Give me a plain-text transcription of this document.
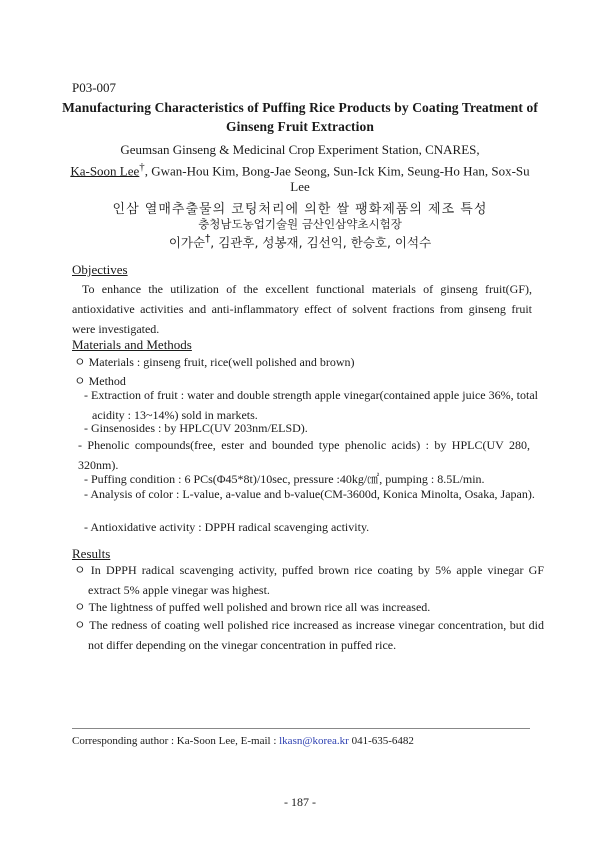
P03-007
Manufacturing Characteristics of Puffing Rice Products by Coating Treatment of Ginseng Fruit Extraction
Geumsan Ginseng & Medicinal Crop Experiment Station, CNARES,
Ka-Soon Lee†, Gwan-Hou Kim, Bong-Jae Seong, Sun-Ick Kim, Seung-Ho Han, Sox-Su Lee
인삼 열매추출물의 코팅처리에 의한 쌀 팽화제품의 제조 특성
충청남도농업기술원 금산인삼약초시험장
이가순†, 김관후, 성봉재, 김선익, 한승호, 이석수
Objectives
To enhance the utilization of the excellent functional materials of ginseng fruit(GF), antioxidative activities and anti-inflammatory effect of solvent fractions from ginseng fruit were investigated.
Materials and Methods
ㅇ Materials : ginseng fruit, rice(well polished and brown)
ㅇ Method
- Extraction of fruit : water and double strength apple vinegar(contained apple juice 36%, total acidity : 13~14%) sold in markets.
- Ginsenosides : by HPLC(UV 203nm/ELSD).
- Phenolic compounds(free, ester and bounded type phenolic acids) : by HPLC(UV 280, 320nm).
- Puffing condition : 6 PCs(Φ45*8t)/10sec, pressure :40kg/㎠, pumping : 8.5L/min.
- Analysis of color : L-value, a-value and b-value(CM-3600d, Konica Minolta, Osaka, Japan).
- Antioxidative activity : DPPH radical scavenging activity.
Results
ㅇ In DPPH radical scavenging activity, puffed brown rice coating by 5% apple vinegar GF extract 5% apple vinegar was highest.
ㅇ The lightness of puffed well polished and brown rice all was increased.
ㅇ The redness of coating well polished rice increased as increase vinegar concentration, but did not differ depending on the vinegar concentration in puffed rice.
Corresponding author : Ka-Soon Lee, E-mail : lkasn@korea.kr 041-635-6482
- 187 -
